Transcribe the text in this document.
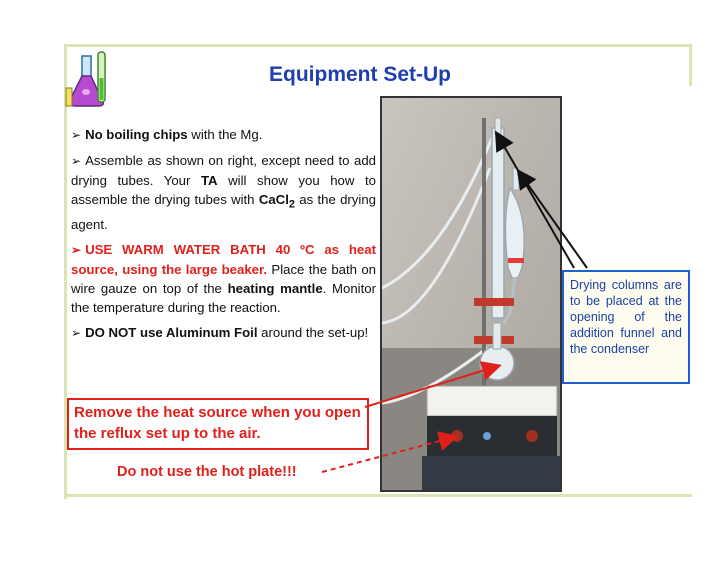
Equipment Set-Up

➢ No boiling chips with the Mg.

➢ Assemble as shown on right, except need to add drying tubes. Your TA will show you how to assemble the drying tubes with CaCl$_2$ as the drying agent.

➢ USE WARM WATER BATH 40 ºC as heat source, using the large beaker. Place the bath on wire gauze on top of the heating mantle. Monitor the temperature during the reaction.

➢ DO NOT use Aluminum Foil around the set-up!

Remove the heat source when you open the reflux set up to the air.
Do not use the hot plate!!!
Drying columns are to be placed at the opening of the addition funnel and the condenser
